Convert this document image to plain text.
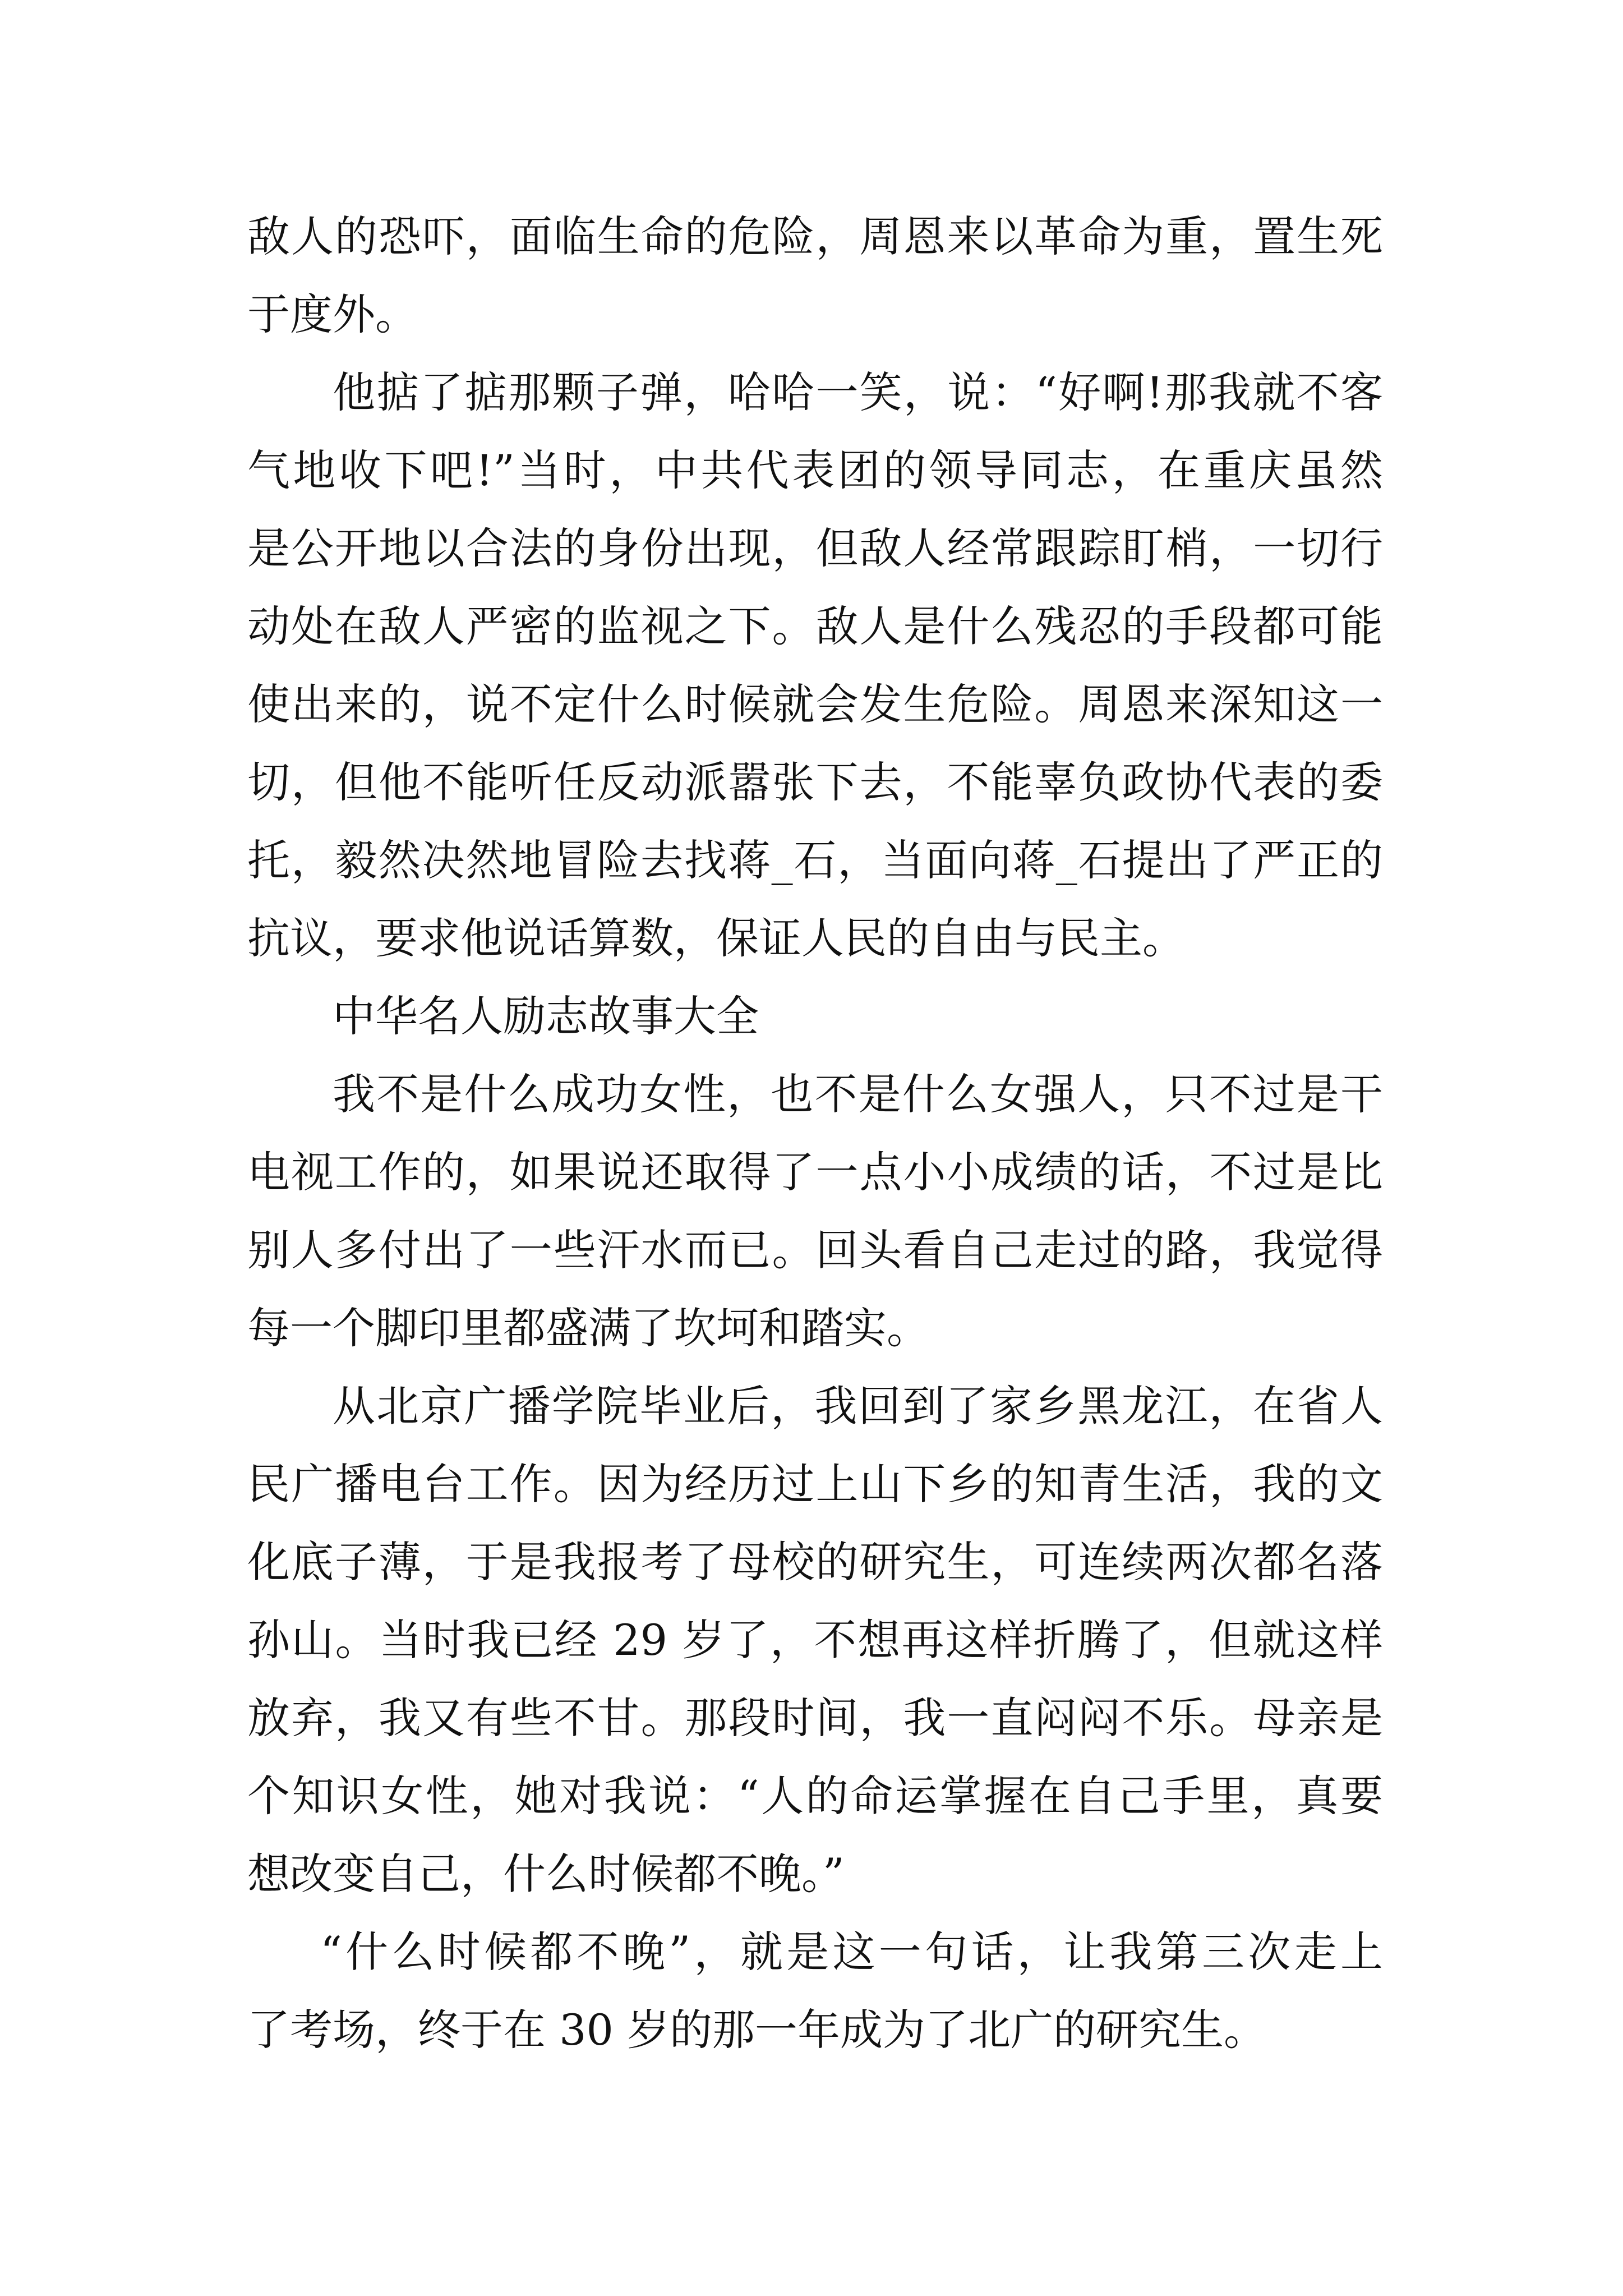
敌人的恐吓，面临生命的危险，周恩来以革命为重，置生死
于度外。
他掂了掂那颗子弹，哈哈一笑，说：“好啊!那我就不客
气地收下吧!”当时，中共代表团的领导同志，在重庆虽然
是公开地以合法的身份出现，但敌人经常跟踪盯梢，一切行
动处在敌人严密的监视之下。敌人是什么残忍的手段都可能
使出来的，说不定什么时候就会发生危险。周恩来深知这一
切，但他不能听任反动派嚣张下去，不能辜负政协代表的委
托，毅然决然地冒险去找蒋_石，当面向蒋_石提出了严正的
抗议，要求他说话算数，保证人民的自由与民主。
中华名人励志故事大全
我不是什么成功女性，也不是什么女强人，只不过是干
电视工作的，如果说还取得了一点小小成绩的话，不过是比
别人多付出了一些汗水而已。回头看自己走过的路，我觉得
每一个脚印里都盛满了坎坷和踏实。
从北京广播学院毕业后，我回到了家乡黑龙江，在省人
民广播电台工作。因为经历过上山下乡的知青生活，我的文
化底子薄，于是我报考了母校的研究生，可连续两次都名落
孙山。当时我已经 29 岁了，不想再这样折腾了，但就这样
放弃，我又有些不甘。那段时间，我一直闷闷不乐。母亲是
个知识女性，她对我说：“人的命运掌握在自己手里，真要
想改变自己，什么时候都不晚。”
“什么时候都不晚”，就是这一句话，让我第三次走上
了考场，终于在 30 岁的那一年成为了北广的研究生。
